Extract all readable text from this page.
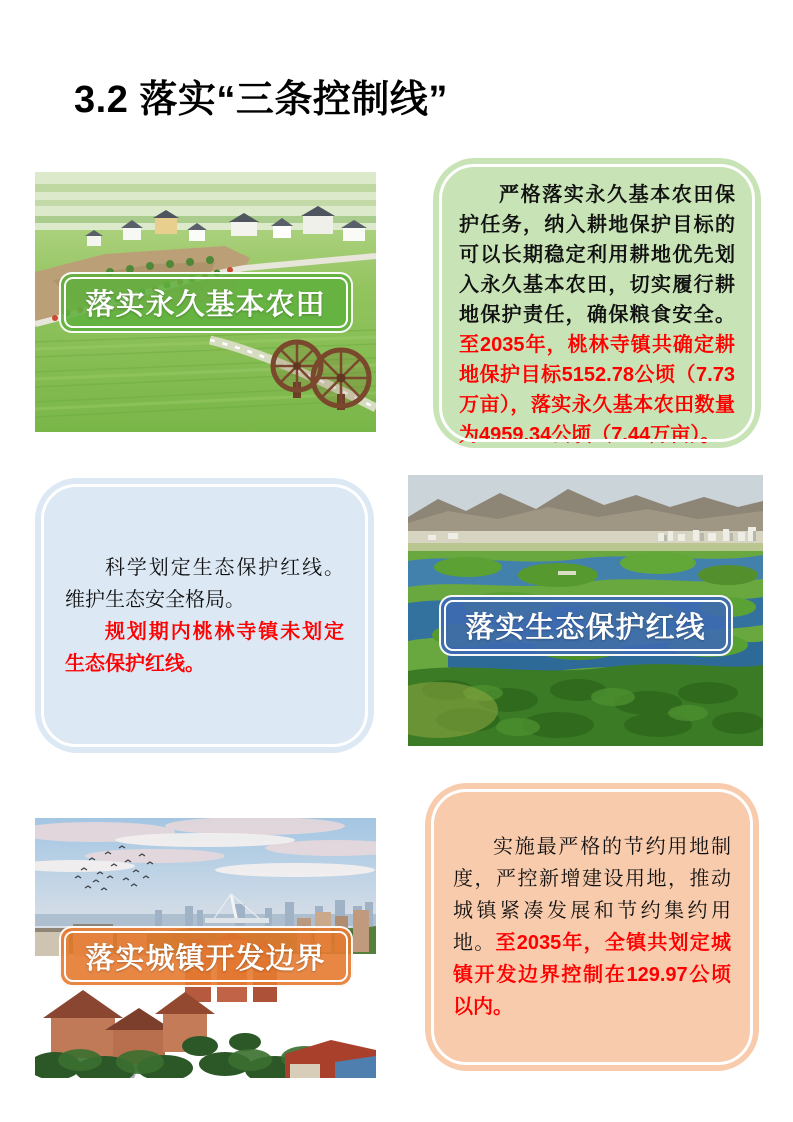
3.2 落实“三条控制线”
落实永久基本农田

严格落实永久基本农田保护任务，纳入耕地保护目标的可以长期稳定利用耕地优先划入永久基本农田，切实履行耕地保护责任，确保粮食安全。至2035年，桃林寺镇共确定耕地保护目标5152.78公顷（7.73万亩），落实永久基本农田数量为4959.34公顷（7.44万亩）。

科学划定生态保护红线。维护生态安全格局。

规划期内桃林寺镇未划定生态保护红线。

落实生态保护红线
落实城镇开发边界

实施最严格的节约用地制度，严控新增建设用地，推动城镇紧凑发展和节约集约用地。至2035年，全镇共划定城镇开发边界控制在129.97公顷以内。
